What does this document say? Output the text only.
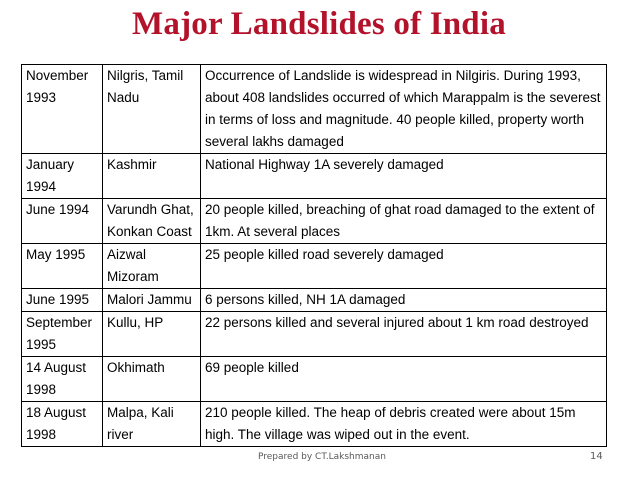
Major Landslides of India
November 1993	Nilgris, Tamil Nadu	Occurrence of Landslide is widespread in Nilgiris. During 1993, about 408 landslides occurred of which Marappalm is the severest in terms of loss and magnitude. 40 people killed, property worth several lakhs damaged
January 1994	Kashmir	National Highway 1A severely damaged
June 1994	Varundh Ghat, Konkan Coast	20 people killed, breaching of ghat road damaged to the extent of 1km. At several places
May 1995	Aizwal Mizoram	25 people killed road severely damaged
June 1995	Malori Jammu	6 persons killed, NH 1A damaged
September 1995	Kullu, HP	22 persons killed and several injured about 1 km road destroyed
14 August 1998	Okhimath	69 people killed
18 August 1998	Malpa, Kali river	210 people killed. The heap of debris created were about 15m high. The village was wiped out in the event.
Prepared by CT.Lakshmanan	14
